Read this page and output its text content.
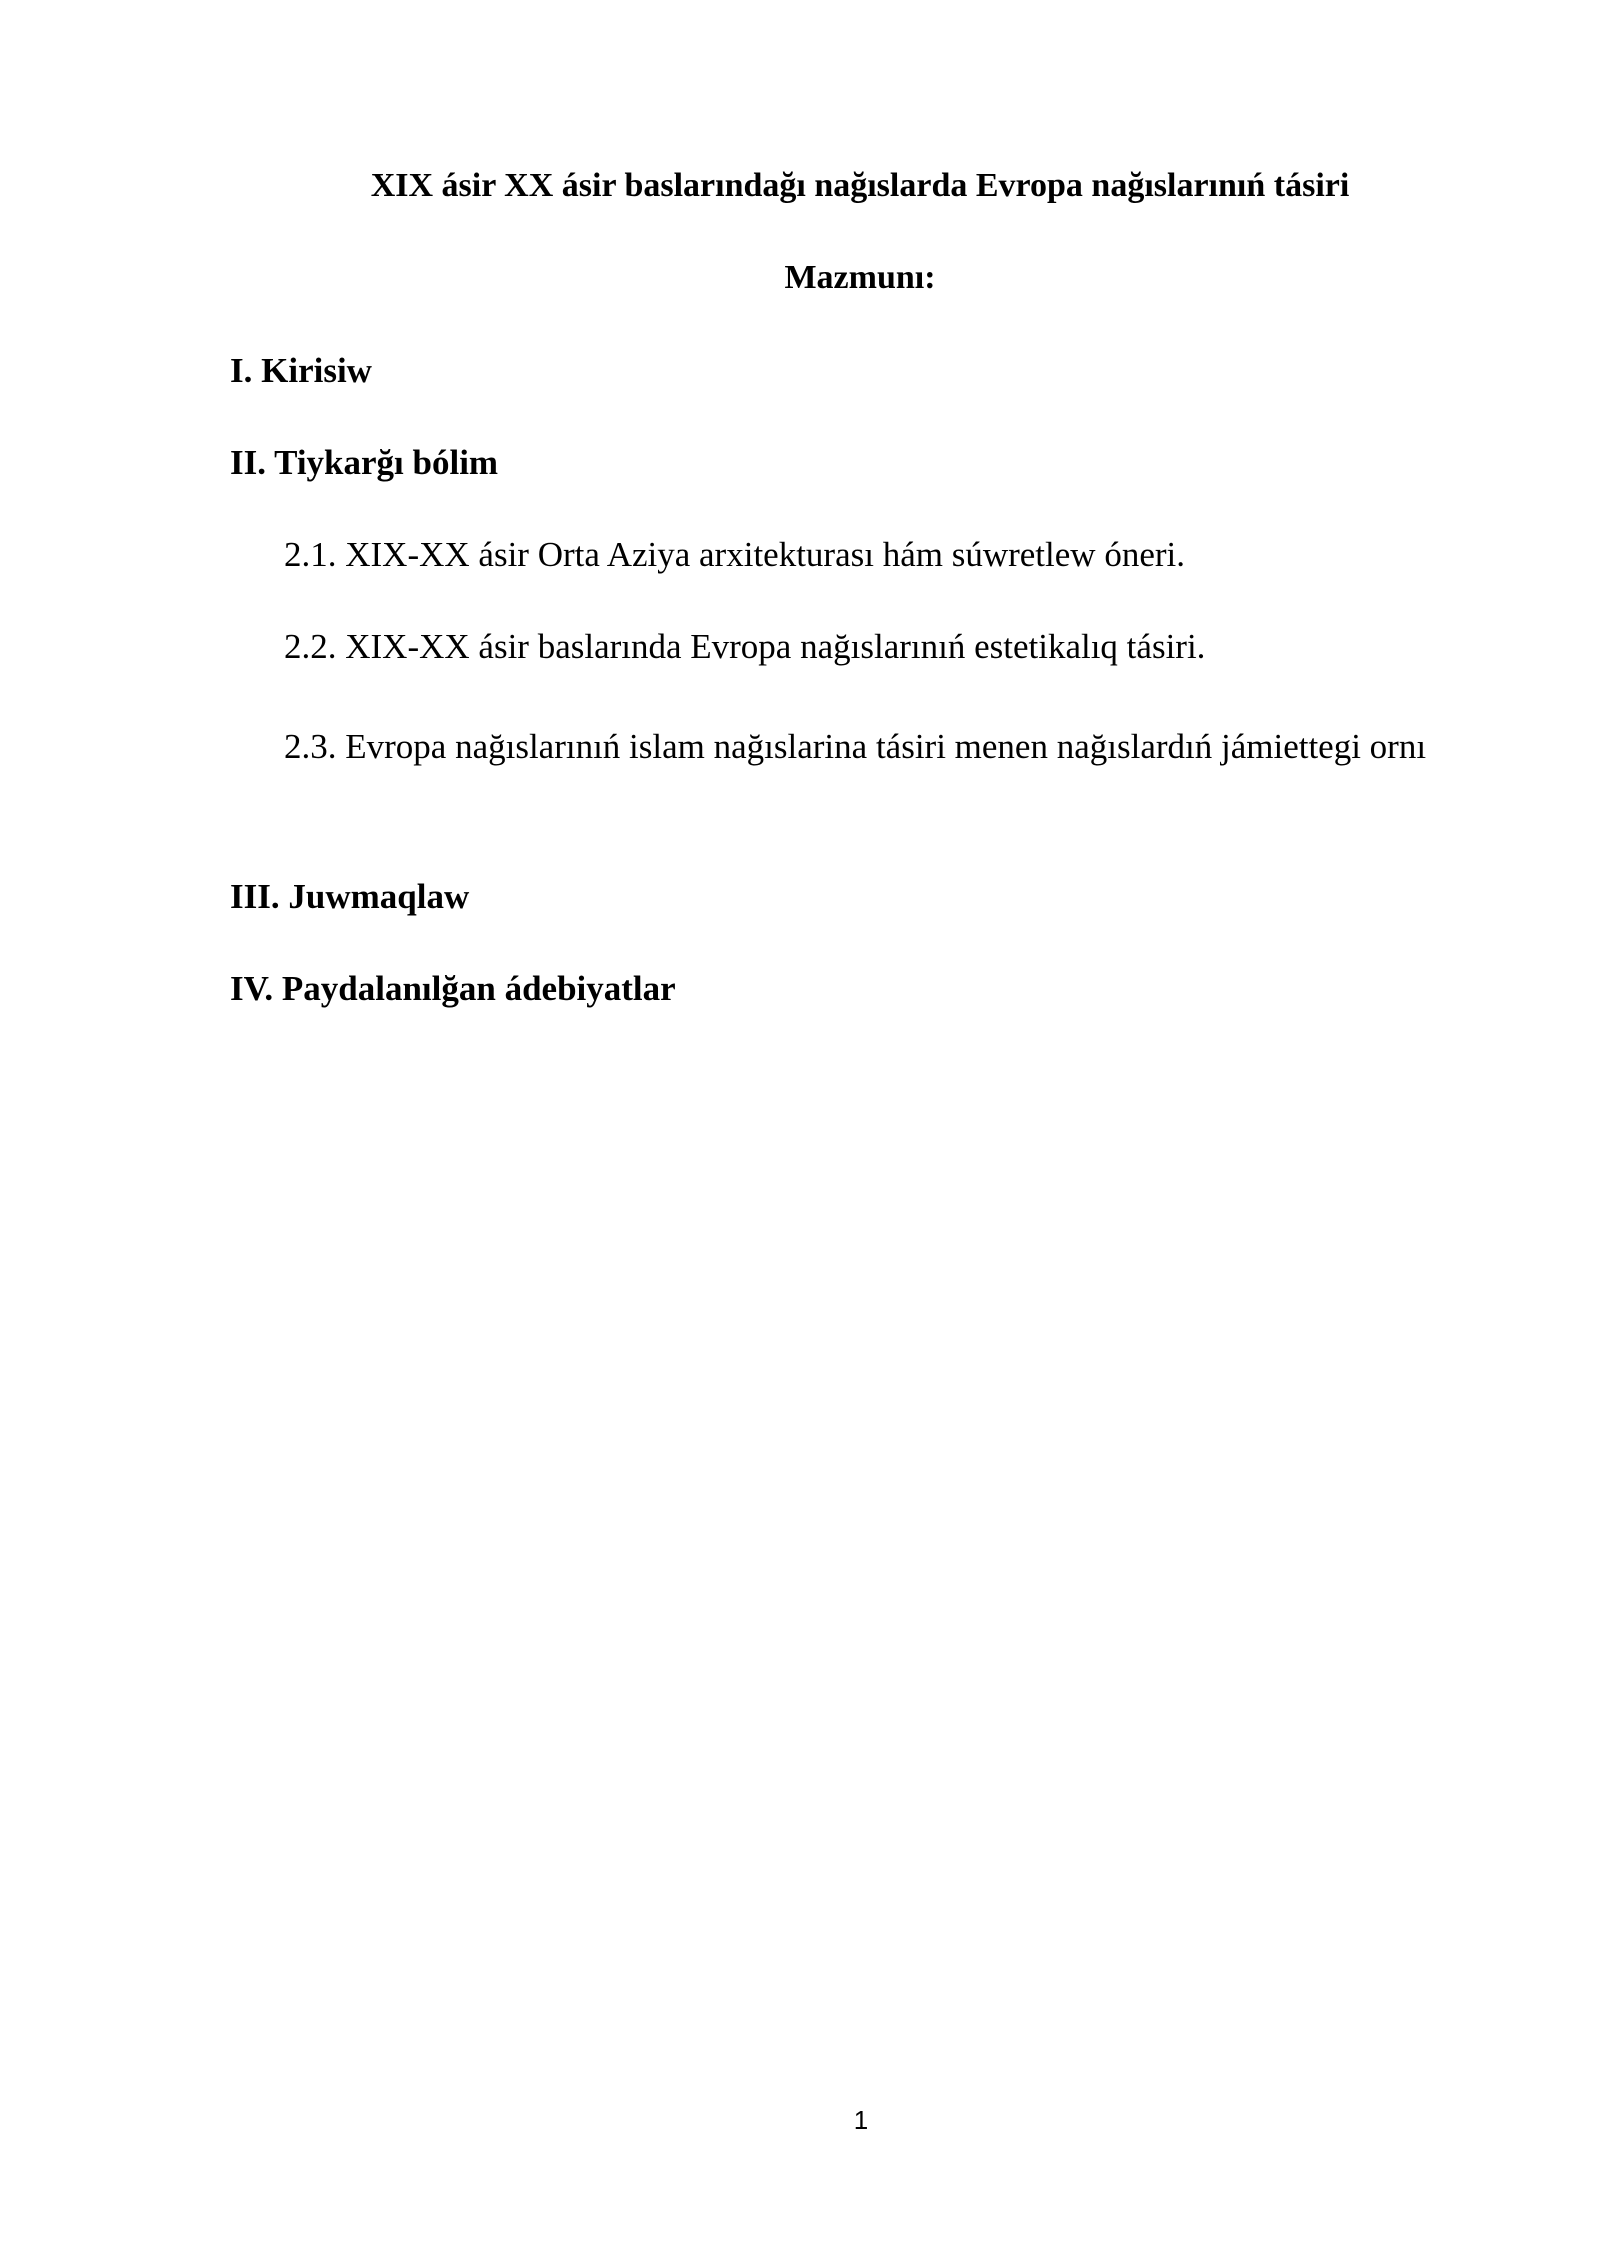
XIX ásir XX ásir baslarındağı nağıslarda Evropa nağıslarınıń tásiri
Mazmunı:

I. Kirisiw

II. Tiykarğı bólim

2.1. XIX-XX ásir Orta Aziya arxitekturası hám súwretlew óneri.

2.2. XIX-XX ásir baslarında Evropa nağıslarınıń estetikalıq tásiri.

2.3. Evropa nağıslarınıń islam nağıslarina tásiri menen nağıslardıń jámiettegi ornı

III. Juwmaqlaw

IV. Paydalanılğan ádebiyatlar

1
